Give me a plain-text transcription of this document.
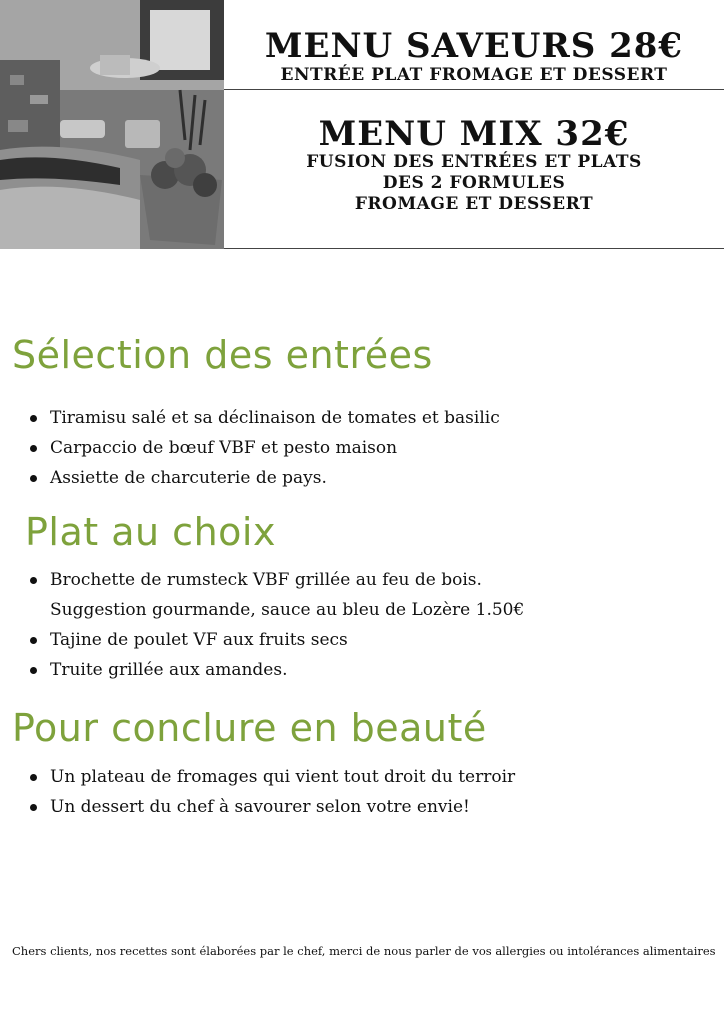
MENU SAVEURS 28€
ENTRÉE PLAT FROMAGE ET DESSERT
MENU MIX 32€
FUSION DES ENTRÉES ET PLATS
DES 2 FORMULES
FROMAGE ET DESSERT
Sélection des entrées
Tiramisu salé et sa déclinaison de tomates et basilic
Carpaccio de bœuf VBF et pesto maison
Assiette de charcuterie de pays.
Plat au choix
Brochette de rumsteck VBF grillée au feu de bois.
Suggestion gourmande, sauce au bleu de Lozère 1.50€
Tajine de poulet VF aux fruits secs
Truite grillée aux amandes.
Pour conclure en beauté
Un plateau de fromages qui vient tout droit du terroir
Un dessert du chef à savourer selon votre envie!

Chers clients, nos recettes sont élaborées par le chef, merci de nous parler de vos allergies ou intolérances alimentaires
